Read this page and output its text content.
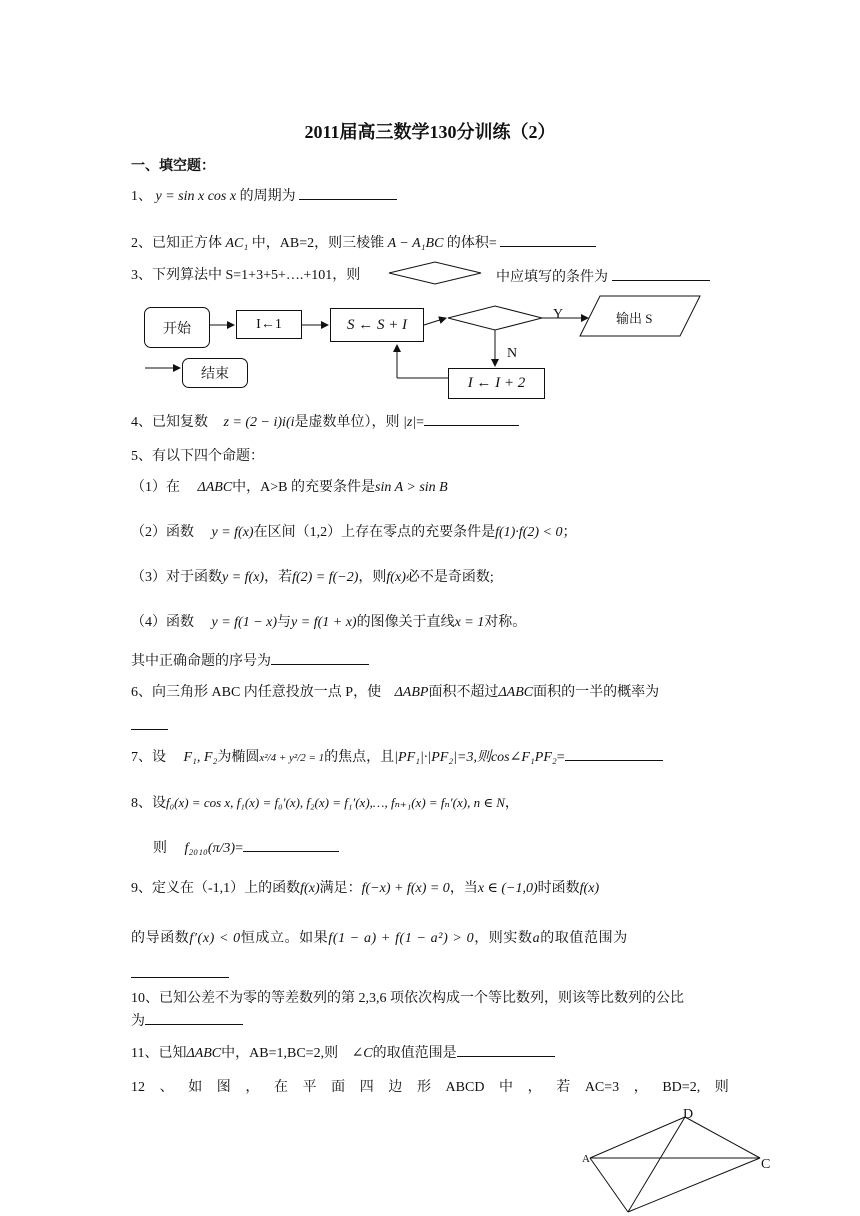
2011届高三数学130分训练（2）
一、填空题：
1、 y = sin x cos x 的周期为
2、已知正方体 AC₁ 中，AB=2，则三棱锥 A − A₁BC 的体积=
3、下列算法中 S=1+3+5+….+101，则	中应填写的条件为
开始	I←1	S ← S + I
Y	输出 S
N
I ← I + 2
结束
4、已知复数 z = (2 − i)i(i是虚数单位），则 |z|=
5、有以下四个命题：
（1）在 ΔABC中，A>B 的充要条件是sin A > sin B
（2）函数 y = f(x)在区间（1,2）上存在零点的充要条件是f(1)·f(2) < 0；
（3）对于函数y = f(x)，若f(2) = f(−2)，则f(x)必不是奇函数;
（4）函数 y = f(1 − x)与y = f(1 + x)的图像关于直线x = 1对称。
其中正确命题的序号为
6、向三角形 ABC 内任意投放一点 P，使 ΔABP面积不超过ΔABC面积的一半的概率为
7、设 F₁, F₂为椭圆x²/4 + y²/2 = 1的焦点，且|PF₁|·|PF₂|=3,则cos∠F₁PF₂=
8、设f₀(x) = cos x, f₁(x) = f₀′(x), f₂(x) = f₁′(x),…, fₙ₊₁(x) = fₙ′(x), n ∈ N，
则 f₂₀₁₀(π/3)=
9、定义在（-1,1）上的函数f(x)满足：f(−x) + f(x) = 0，当x ∈ (−1,0)时函数f(x)
的导函数f′(x) < 0恒成立。如果f(1 − a) + f(1 − a²) > 0，则实数a的取值范围为
10、已知公差不为零的等差数列的第 2,3,6 项依次构成一个等比数列，则该等比数列的公比
为
11、已知ΔABC中，AB=1,BC=2,则 ∠C的取值范围是
12 、 如 图 ， 在 平 面 四 边 形 ABCD 中 ， 若 AC=3 ， BD=2, 则
D
A	C
